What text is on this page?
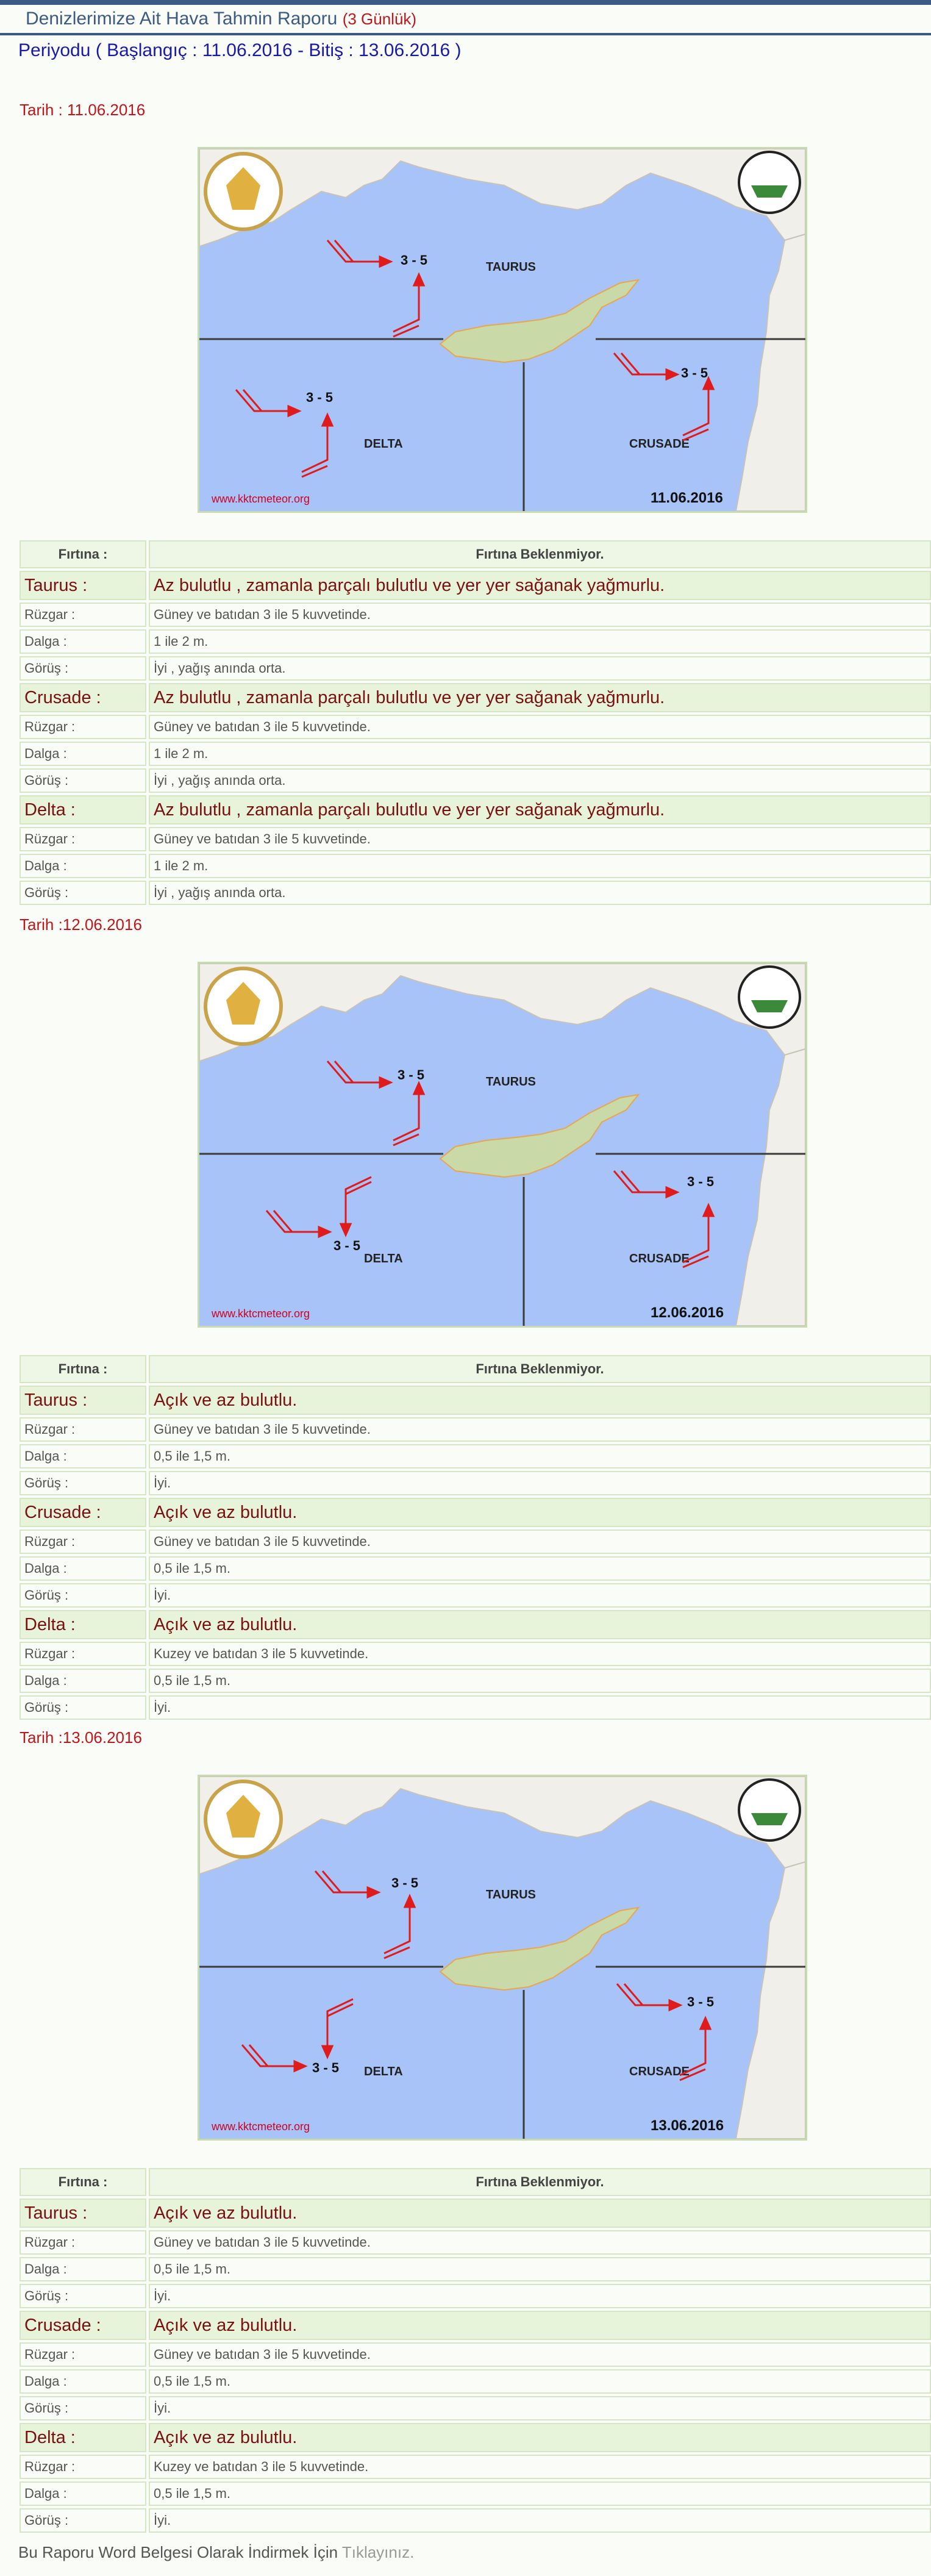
Denizlerimize Ait Hava Tahmin Raporu (3 Günlük)
Periyodu ( Başlangıç : 11.06.2016 - Bitiş : 13.06.2016 )
Tarih : 11.06.2016
TAURUS
DELTA	CRUSADE
3 - 5
3 - 5
3 - 5
www.kktcmeteor.org	11.06.2016
Fırtına :	Fırtına Beklenmiyor.
Taurus :	Az bulutlu , zamanla parçalı bulutlu ve yer yer sağanak yağmurlu.
Rüzgar :	Güney ve batıdan 3 ile 5 kuvvetinde.
Dalga :	1 ile 2 m.
Görüş :	İyi , yağış anında orta.
Crusade :	Az bulutlu , zamanla parçalı bulutlu ve yer yer sağanak yağmurlu.
Rüzgar :	Güney ve batıdan 3 ile 5 kuvvetinde.
Dalga :	1 ile 2 m.
Görüş :	İyi , yağış anında orta.
Delta :	Az bulutlu , zamanla parçalı bulutlu ve yer yer sağanak yağmurlu.
Rüzgar :	Güney ve batıdan 3 ile 5 kuvvetinde.
Dalga :	1 ile 2 m.
Görüş :	İyi , yağış anında orta.
Tarih :12.06.2016
TAURUS
DELTA	CRUSADE
3 - 5
3 - 5
3 - 5
www.kktcmeteor.org	12.06.2016
Fırtına :	Fırtına Beklenmiyor.
Taurus :	Açık ve az bulutlu.
Rüzgar :	Güney ve batıdan 3 ile 5 kuvvetinde.
Dalga :	0,5 ile 1,5 m.
Görüş :	İyi.
Crusade :	Açık ve az bulutlu.
Rüzgar :	Güney ve batıdan 3 ile 5 kuvvetinde.
Dalga :	0,5 ile 1,5 m.
Görüş :	İyi.
Delta :	Açık ve az bulutlu.
Rüzgar :	Kuzey ve batıdan 3 ile 5 kuvvetinde.
Dalga :	0,5 ile 1,5 m.
Görüş :	İyi.
Tarih :13.06.2016
TAURUS
DELTA	CRUSADE
3 - 5
3 - 5
3 - 5
www.kktcmeteor.org	13.06.2016
Fırtına :	Fırtına Beklenmiyor.
Taurus :	Açık ve az bulutlu.
Rüzgar :	Güney ve batıdan 3 ile 5 kuvvetinde.
Dalga :	0,5 ile 1,5 m.
Görüş :	İyi.
Crusade :	Açık ve az bulutlu.
Rüzgar :	Güney ve batıdan 3 ile 5 kuvvetinde.
Dalga :	0,5 ile 1,5 m.
Görüş :	İyi.
Delta :	Açık ve az bulutlu.
Rüzgar :	Kuzey ve batıdan 3 ile 5 kuvvetinde.
Dalga :	0,5 ile 1,5 m.
Görüş :	İyi.
Bu Raporu Word Belgesi Olarak İndirmek İçin Tıklayınız.
